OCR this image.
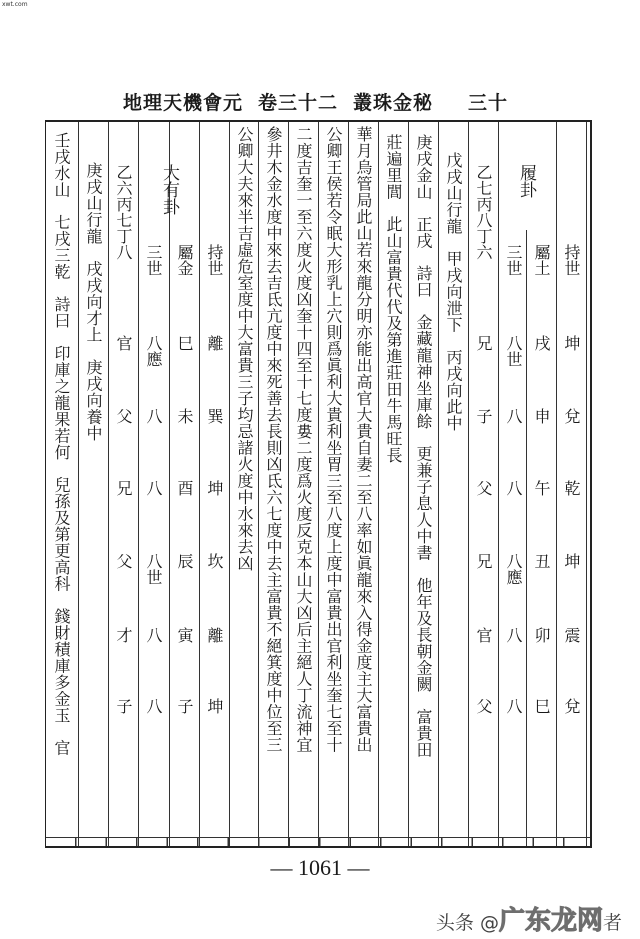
xwt.com
地理天機會元 卷三十二 叢珠金秘 三十
履卦
持世
坤
兌
乾
坤
震
兌
屬土
戌
申
午
丑
卯
巳
三世
八世
八
八
八應
八
八
乙七丙八丁六
兄
子
父
兄
官
父
戊戌山行龍甲戌向泄下丙戌向此中
庚戌金山正戌詩曰金藏龍神坐庫餘更兼子息人中書他年及長朝金闕富貴田
莊遍里閭此山富貴代代及第進莊田牛馬旺長
華月烏管局此山若來龍分明亦能出高官大貴自妻二至八率如眞龍來入得金度主大富貴出
公卿王侯若令眠大形乳上穴則爲眞利大貴利坐胃三至八度上度中富貴出官利坐奎七至十
二度吉奎一至六度火度凶奎十四至十七度婁二度爲火度反克本山大凶后主絕人丁流神宜
參井木金水度中來去吉氐亢度中來死善去長則凶氐六七度中去主富貴不絕箕度中位至三
公卿大夫來半吉虛危室度中大富貴三子均忌諸火度中水來去凶
大有卦
持世
離
巽
坤
坎
離
坤
屬金
巳
未
酉
辰
寅
子
三世
八應
八
八
八世
八
八
乙六丙七丁八
官
父
兄
父
才
子
庚戌山行龍戌戌向才上庚戌向養中
壬戌水山七戌三乾詩曰印庫之龍果若何兒孫及第更高科錢財積庫多金玉官
— 1061 —
头条 @广东龙网者
